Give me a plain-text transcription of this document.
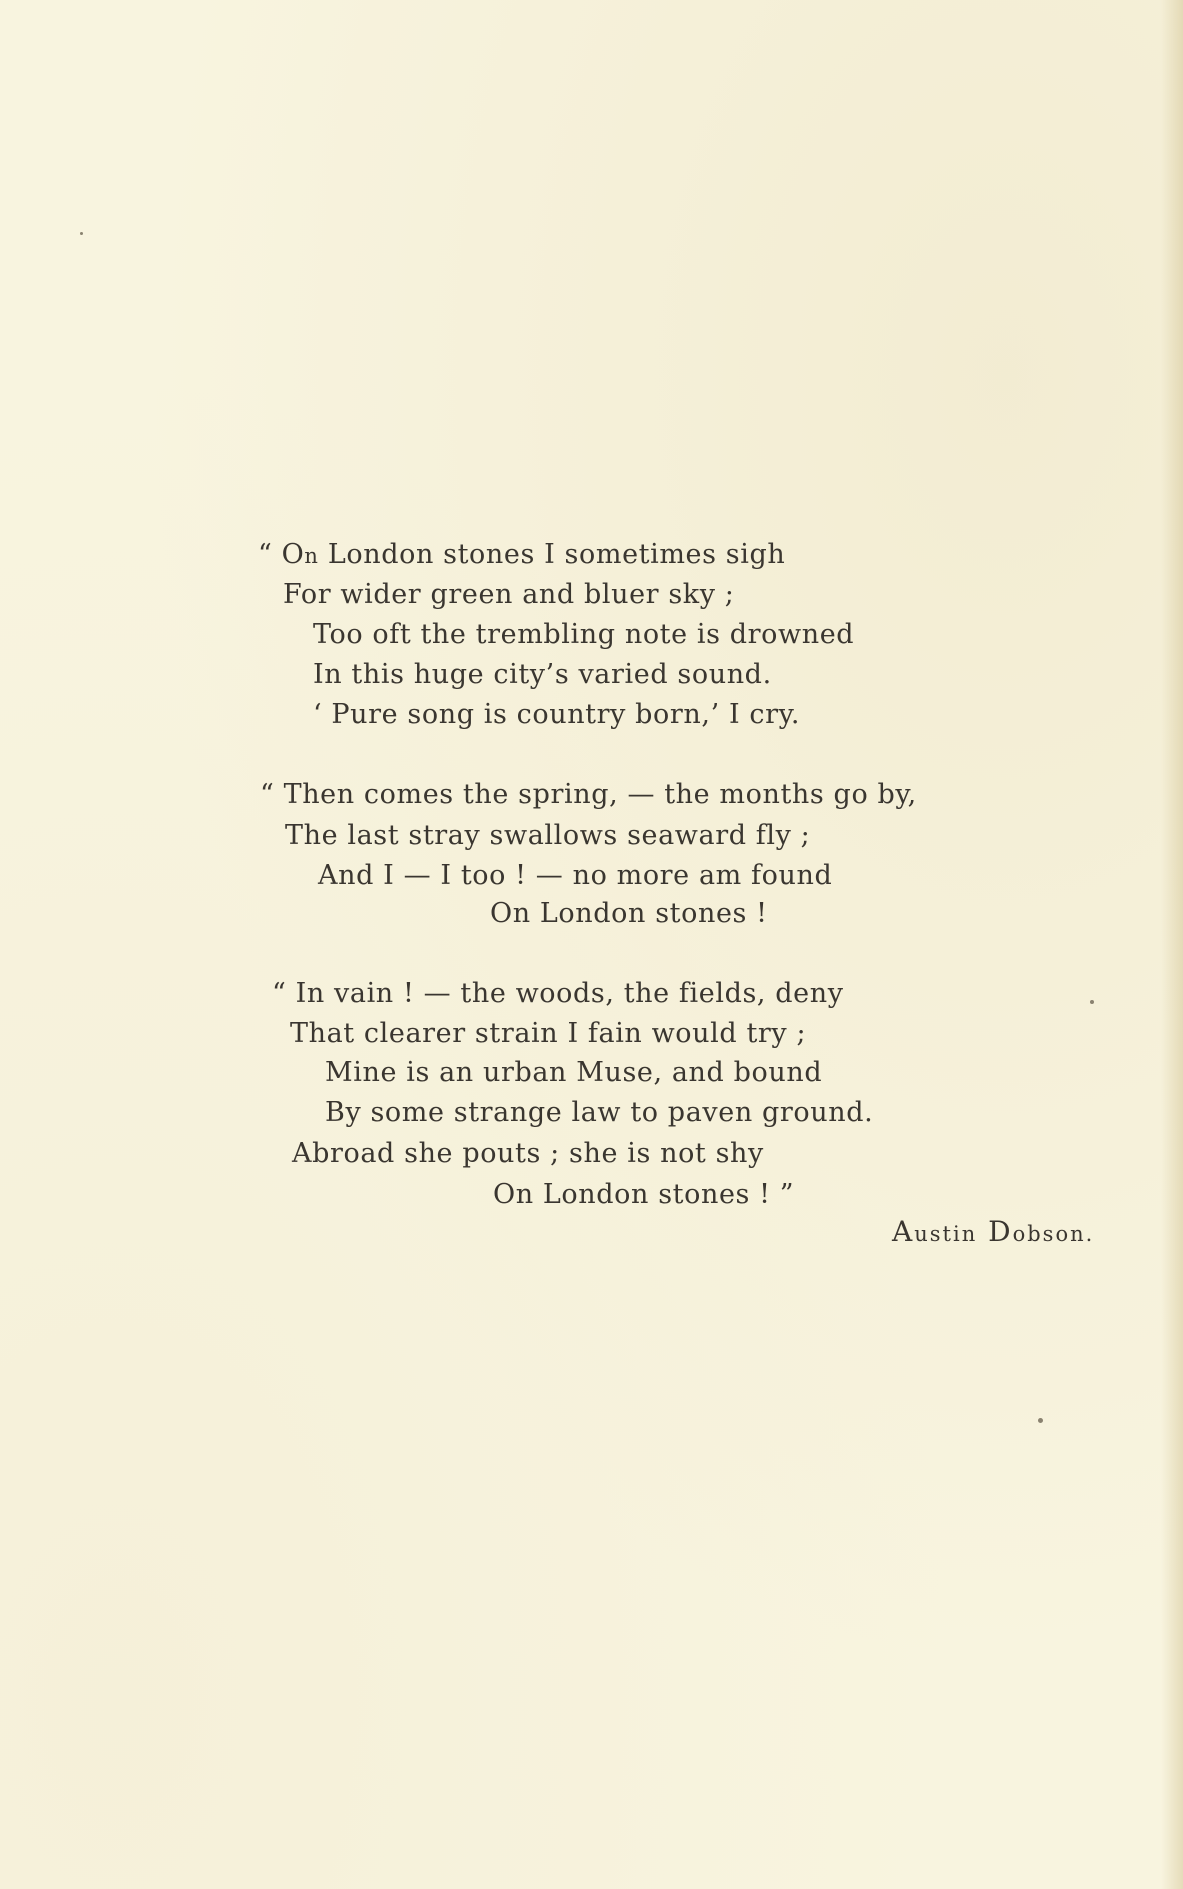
“ On London stones I sometimes sigh
For wider green and bluer sky ;
Too oft the trembling note is drowned
In this huge city’s varied sound.
‘ Pure song is country born,’ I cry.
“ Then comes the spring, — the months go by,
The last stray swallows seaward fly ;
And I — I too ! — no more am found
On London stones !
“ In vain ! — the woods, the fields, deny
That clearer strain I fain would try ;
Mine is an urban Muse, and bound
By some strange law to paven ground.
Abroad she pouts ; she is not shy
On London stones ! ”
Austin Dobson.
